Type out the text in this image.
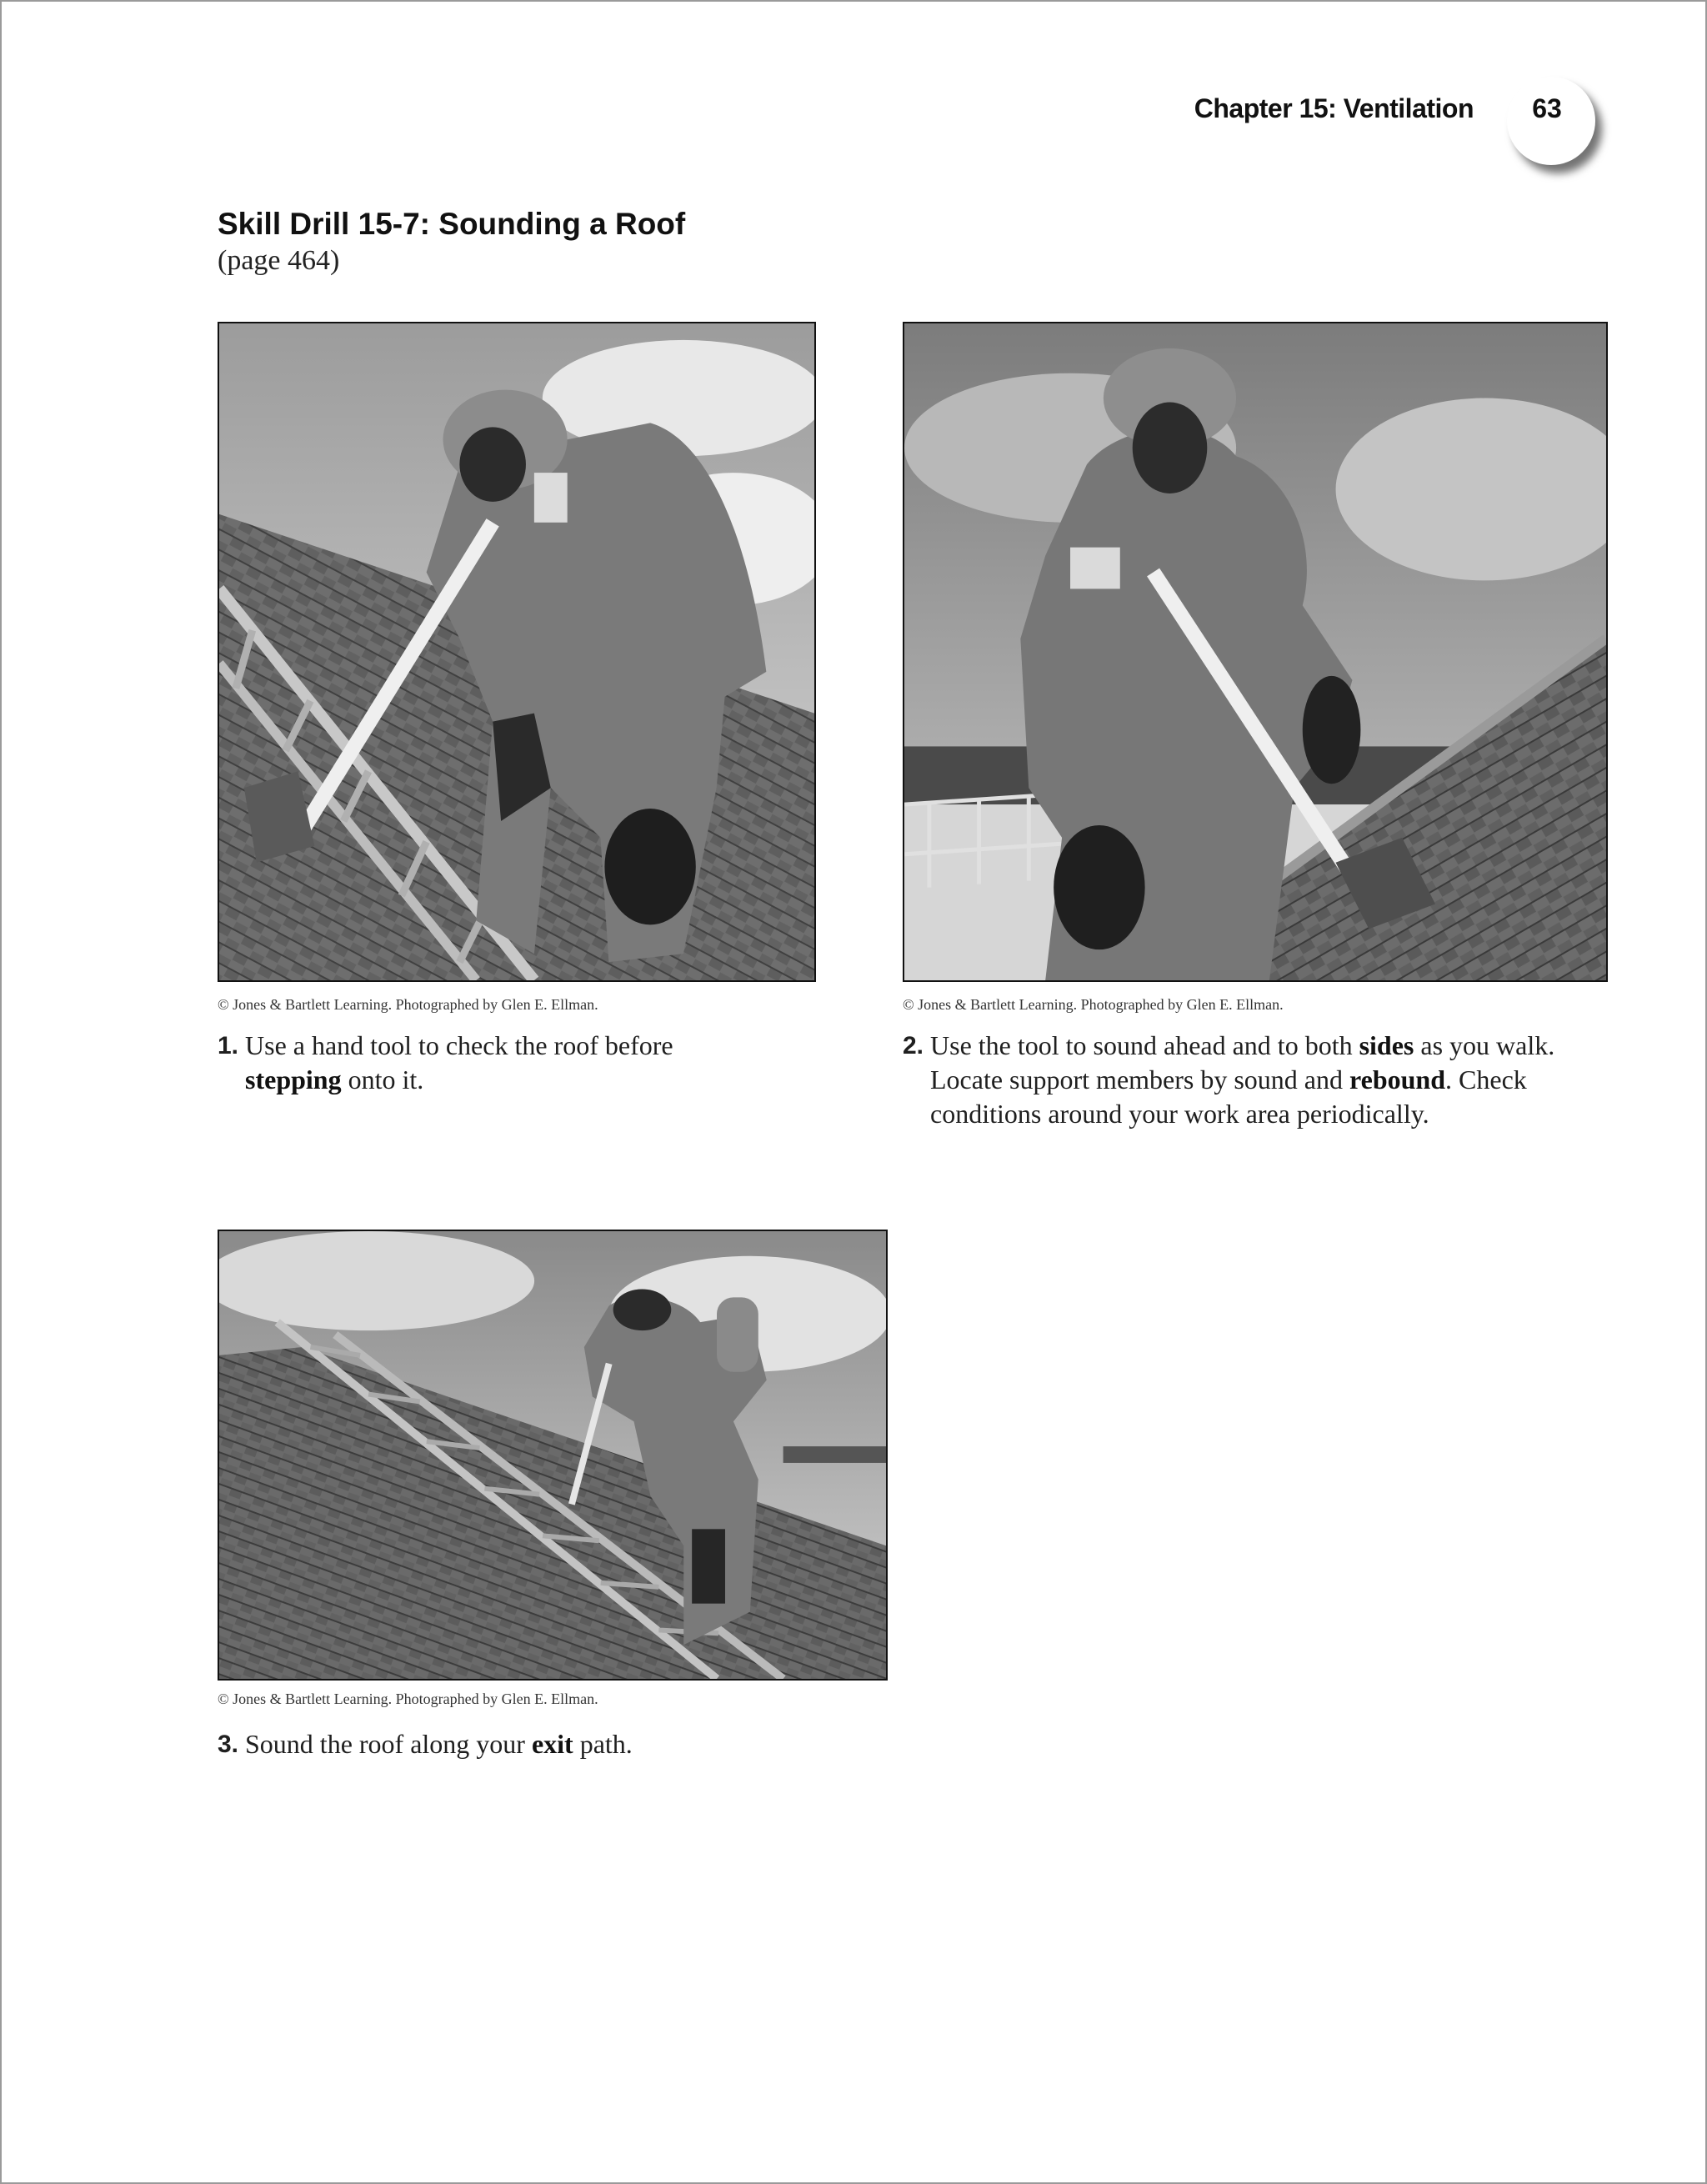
Chapter 15: Ventilation	63
Skill Drill 15-7: Sounding a Roof
(page 464)
© Jones & Bartlett Learning. Photographed by Glen E. Ellman.	© Jones & Bartlett Learning. Photographed by Glen E. Ellman.
© Jones & Bartlett Learning. Photographed by Glen E. Ellman.
1. Use a hand tool to check the roof before stepping onto it.
2. Use the tool to sound ahead and to both sides as you walk. Locate support members by sound and rebound. Check conditions around your work area periodically.
3. Sound the roof along your exit path.
